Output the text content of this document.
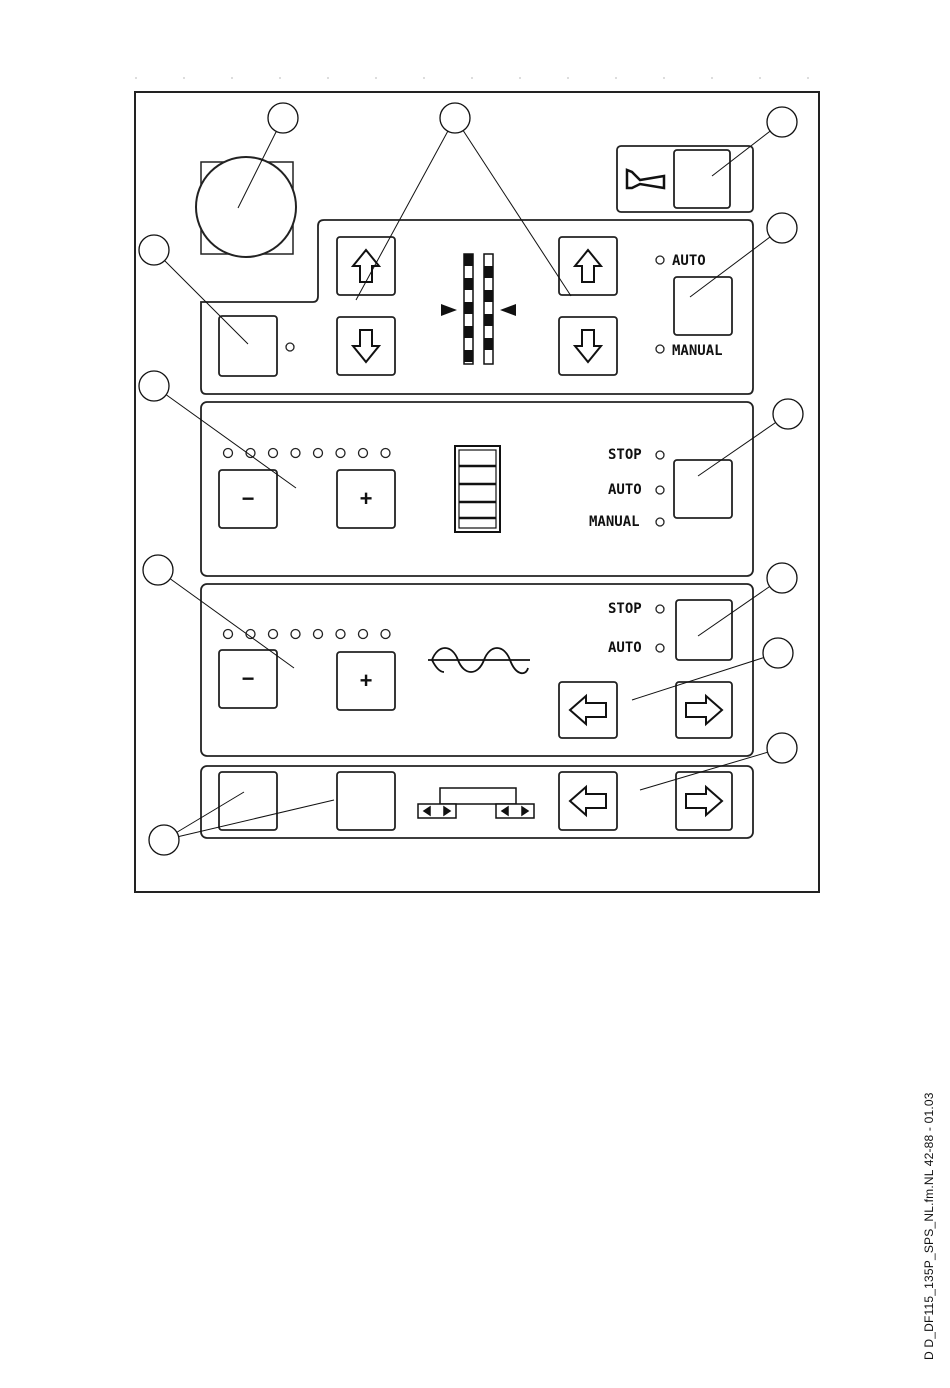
AUTO
MANUAL
−	+
STOP
AUTO
MANUAL
−	+
STOP
AUTO
D D_DF115_135P_SPS_NL.fm.NL 42-88 - 01.03
